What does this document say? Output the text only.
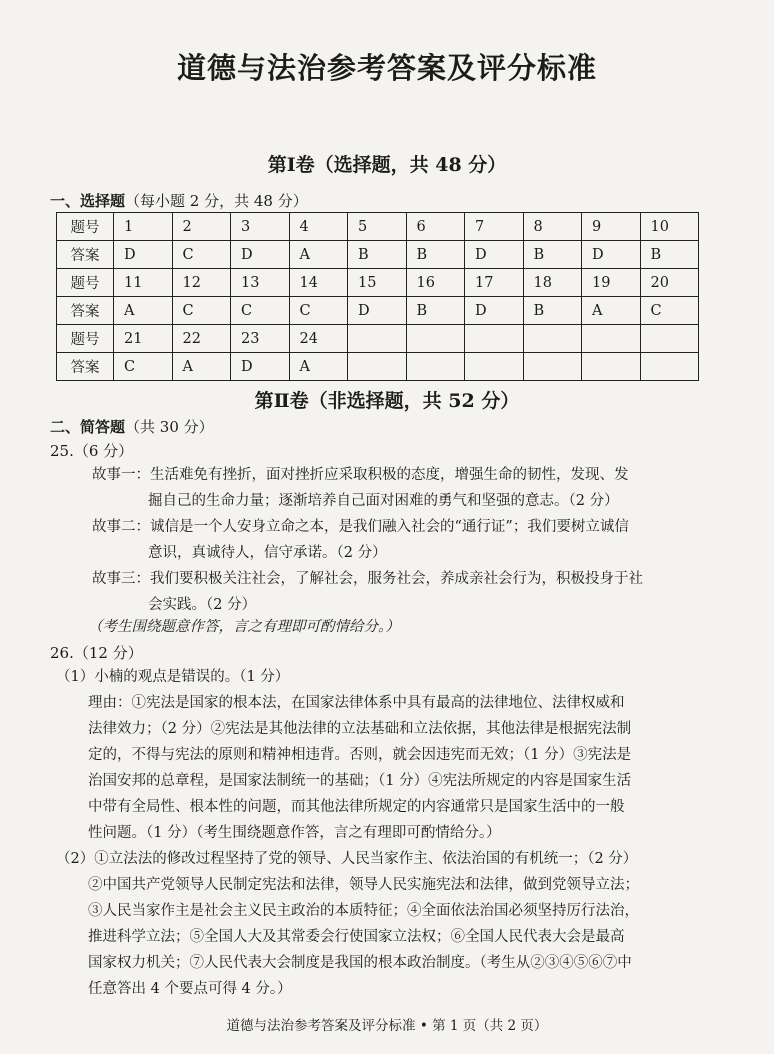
道德与法治参考答案及评分标准
第Ⅰ卷（选择题，共 48 分）
一、选择题（每小题 2 分，共 48 分）
题号	1	2	3	4	5	6	7	8	9	10
答案	D	C	D	A	B	B	D	B	D	B
题号	11	12	13	14	15	16	17	18	19	20
答案	A	C	C	C	D	B	D	B	A	C
题号	21	22	23	24						
答案	C	A	D	A						
第Ⅱ卷（非选择题，共 52 分）
二、简答题（共 30 分）
25.（6 分）
故事一：生活难免有挫折，面对挫折应采取积极的态度，增强生命的韧性，发现、发
掘自己的生命力量；逐渐培养自己面对困难的勇气和坚强的意志。（2 分）
故事二：诚信是一个人安身立命之本，是我们融入社会的“通行证”；我们要树立诚信
意识，真诚待人，信守承诺。（2 分）
故事三：我们要积极关注社会，了解社会，服务社会，养成亲社会行为，积极投身于社
会实践。（2 分）
（考生围绕题意作答，言之有理即可酌情给分。）
26.（12 分）
（1）小楠的观点是错误的。（1 分）
理由：①宪法是国家的根本法，在国家法律体系中具有最高的法律地位、法律权威和
法律效力；（2 分）②宪法是其他法律的立法基础和立法依据，其他法律是根据宪法制
定的，不得与宪法的原则和精神相违背。否则，就会因违宪而无效；（1 分）③宪法是
治国安邦的总章程，是国家法制统一的基础；（1 分）④宪法所规定的内容是国家生活
中带有全局性、根本性的问题，而其他法律所规定的内容通常只是国家生活中的一般
性问题。（1 分）（考生围绕题意作答，言之有理即可酌情给分。）
（2）①立法法的修改过程坚持了党的领导、人民当家作主、依法治国的有机统一；（2 分）
②中国共产党领导人民制定宪法和法律，领导人民实施宪法和法律，做到党领导立法；
③人民当家作主是社会主义民主政治的本质特征；④全面依法治国必须坚持厉行法治，
推进科学立法；⑤全国人大及其常委会行使国家立法权；⑥全国人民代表大会是最高
国家权力机关；⑦人民代表大会制度是我国的根本政治制度。（考生从②③④⑤⑥⑦中
任意答出 4 个要点可得 4 分。）
道德与法治参考答案及评分标准 • 第 1 页（共 2 页）
